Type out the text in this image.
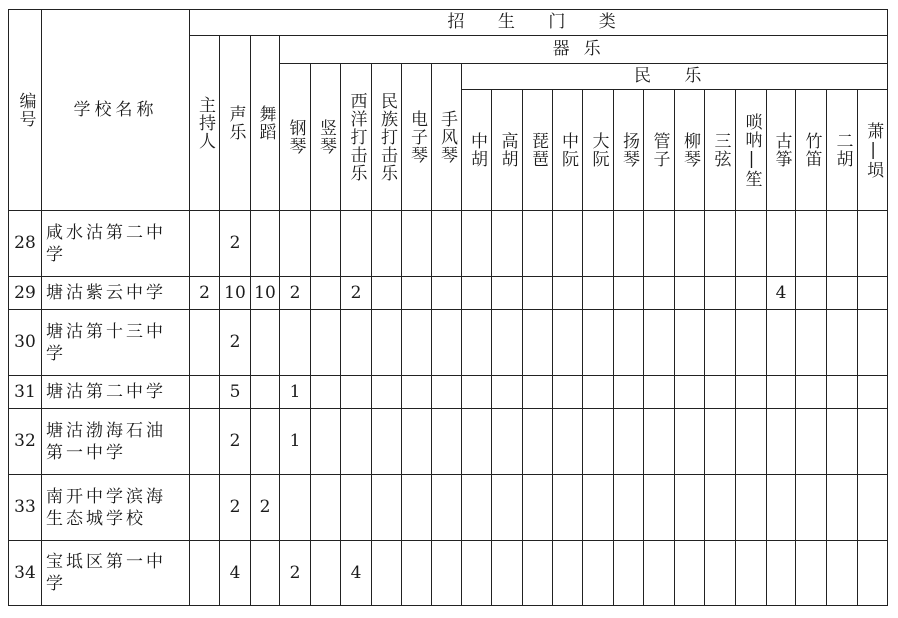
编号	学校名称	招 生 门 类																						
		主持人	声乐	舞蹈	器乐																			
					钢琴	竖琴	西洋打击乐	民族打击乐	电子琴	手风琴	民 乐													
											中胡	高胡	琵琶	中阮	大阮	扬琴	管子	柳琴	三弦	唢呐|笙	古筝	竹笛	二胡	萧|埙
28	咸水沽第二中学		2																					
29	塘沽紫云中学	2	10	10	2		2														4			
30	塘沽第十三中学		2																					
31	塘沽第二中学		5		1																			
32	塘沽渤海石油第一中学		2		1																			
33	南开中学滨海生态城学校		2	2																				
34	宝坻区第一中学		4		2		4																	
